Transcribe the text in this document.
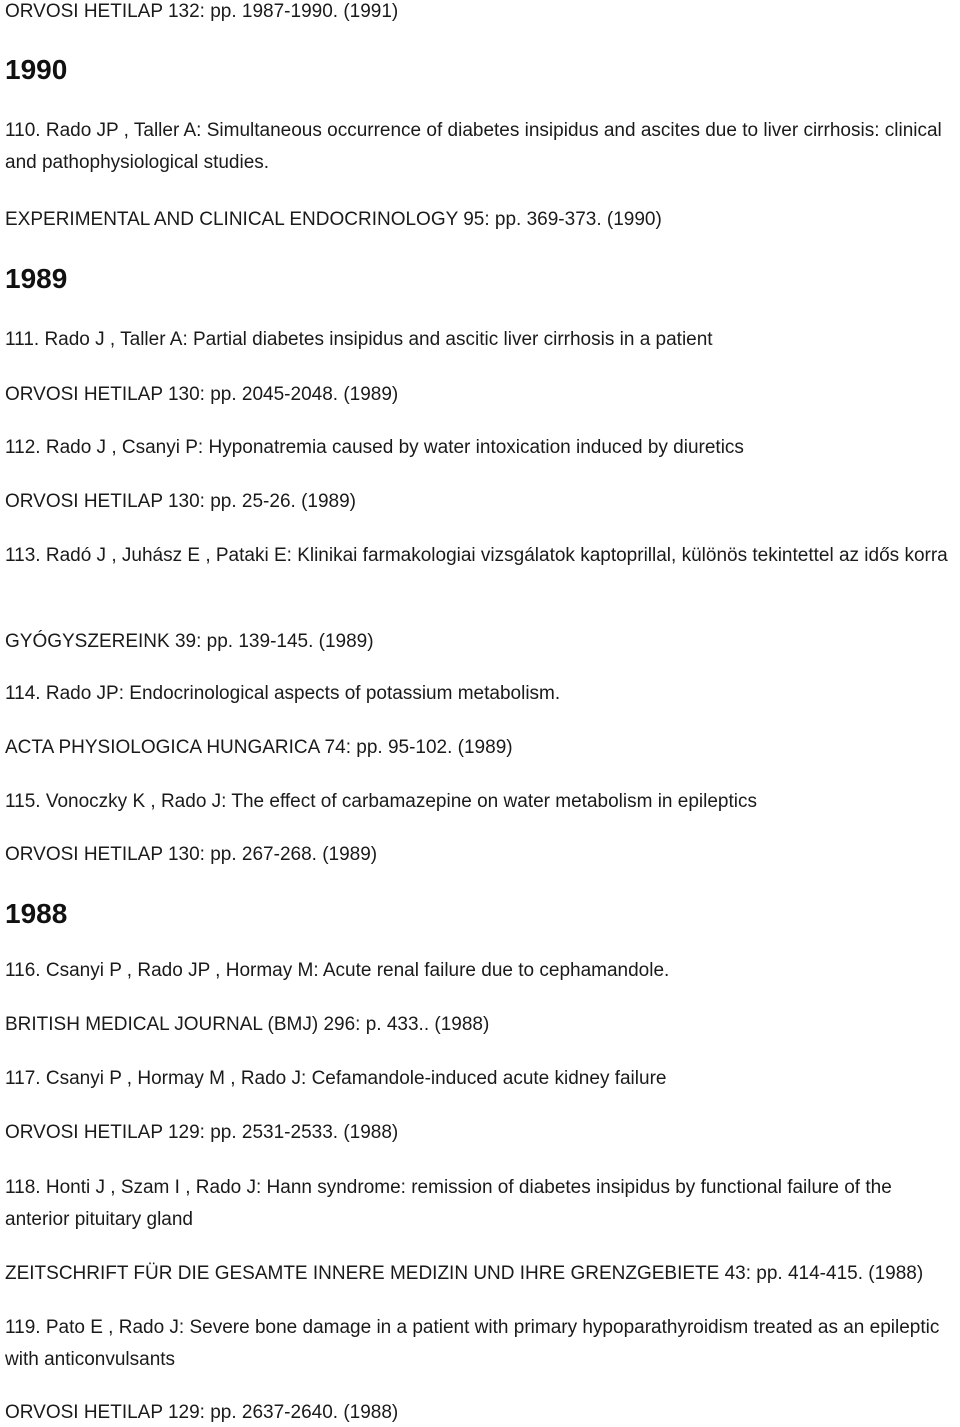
ORVOSI HETILAP 132: pp. 1987-1990. (1991)

1990

110. Rado JP , Taller A: Simultaneous occurrence of diabetes insipidus and ascites due to liver cirrhosis: clinical and pathophysiological studies.

EXPERIMENTAL AND CLINICAL ENDOCRINOLOGY 95: pp. 369-373. (1990)

1989

111. Rado J , Taller A: Partial diabetes insipidus and ascitic liver cirrhosis in a patient

ORVOSI HETILAP 130: pp. 2045-2048. (1989)

112. Rado J , Csanyi P: Hyponatremia caused by water intoxication induced by diuretics

ORVOSI HETILAP 130: pp. 25-26. (1989)

113. Radó J , Juhász E , Pataki E: Klinikai farmakologiai vizsgálatok kaptoprillal, különös tekintettel az idős korra

GYÓGYSZEREINK 39: pp. 139-145. (1989)

114. Rado JP: Endocrinological aspects of potassium metabolism.

ACTA PHYSIOLOGICA HUNGARICA 74: pp. 95-102. (1989)

115. Vonoczky K , Rado J: The effect of carbamazepine on water metabolism in epileptics

ORVOSI HETILAP 130: pp. 267-268. (1989)

1988

116. Csanyi P , Rado JP , Hormay M: Acute renal failure due to cephamandole.

BRITISH MEDICAL JOURNAL (BMJ) 296: p. 433.. (1988)

117. Csanyi P , Hormay M , Rado J: Cefamandole-induced acute kidney failure

ORVOSI HETILAP 129: pp. 2531-2533. (1988)

118. Honti J , Szam I , Rado J: Hann syndrome: remission of diabetes insipidus by functional failure of the anterior pituitary gland

ZEITSCHRIFT FÜR DIE GESAMTE INNERE MEDIZIN UND IHRE GRENZGEBIETE 43: pp. 414-415. (1988)

119. Pato E , Rado J: Severe bone damage in a patient with primary hypoparathyroidism treated as an epileptic with anticonvulsants

ORVOSI HETILAP 129: pp. 2637-2640. (1988)
